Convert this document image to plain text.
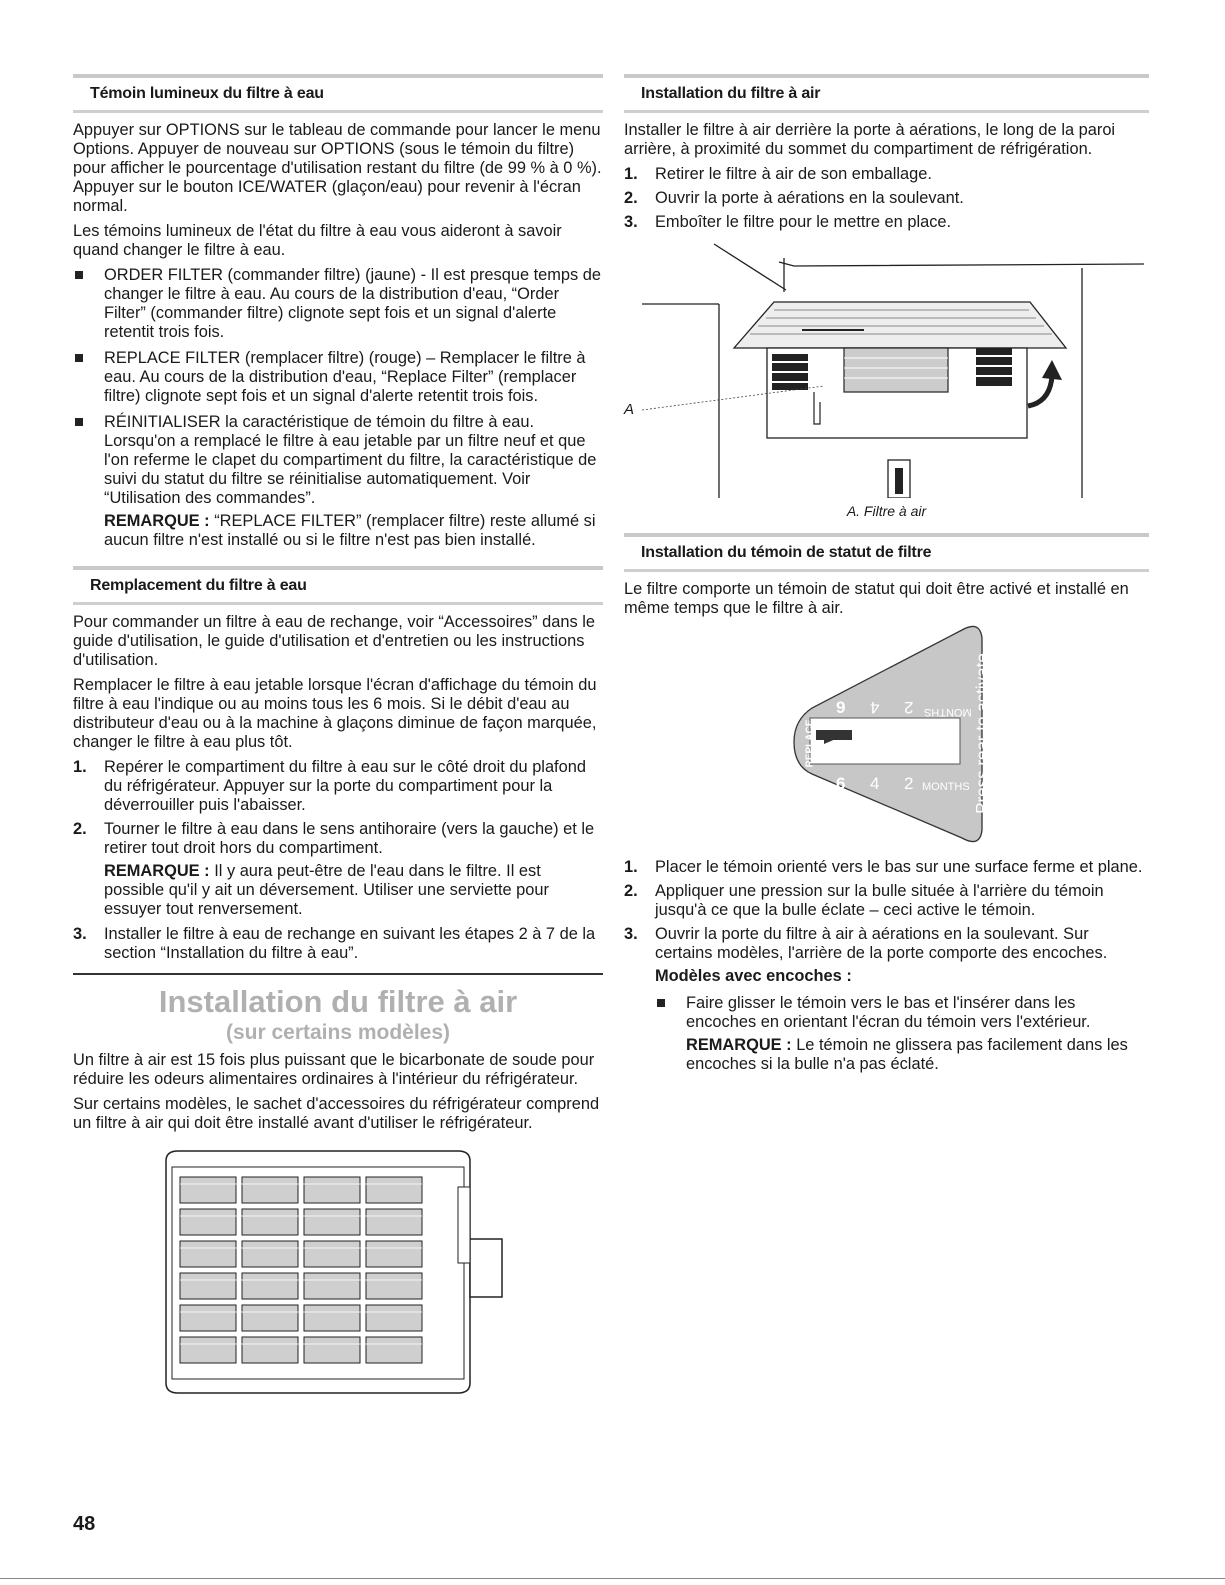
Témoin lumineux du filtre à eau

Appuyer sur OPTIONS sur le tableau de commande pour lancer le menu Options. Appuyer de nouveau sur OPTIONS (sous le témoin du filtre) pour afficher le pourcentage d'utilisation restant du filtre (de 99 % à 0 %). Appuyer sur le bouton ICE/WATER (glaçon/eau) pour revenir à l'écran normal.

Les témoins lumineux de l'état du filtre à eau vous aideront à savoir quand changer le filtre à eau.

ORDER FILTER (commander filtre) (jaune) - Il est presque temps de changer le filtre à eau. Au cours de la distribution d'eau, “Order Filter” (commander filtre) clignote sept fois et un signal d'alerte retentit trois fois.
REPLACE FILTER (remplacer filtre) (rouge) – Remplacer le filtre à eau. Au cours de la distribution d'eau, “Replace Filter” (remplacer filtre) clignote sept fois et un signal d'alerte retentit trois fois.
RÉINITIALISER la caractéristique de témoin du filtre à eau. Lorsqu'on a remplacé le filtre à eau jetable par un filtre neuf et que l'on referme le clapet du compartiment du filtre, la caractéristique de suivi du statut du filtre se réinitialise automatiquement. Voir “Utilisation des commandes”.
REMARQUE : “REPLACE FILTER” (remplacer filtre) reste allumé si aucun filtre n'est installé ou si le filtre n'est pas bien installé.
Remplacement du filtre à eau

Pour commander un filtre à eau de rechange, voir “Accessoires” dans le guide d'utilisation, le guide d'utilisation et d'entretien ou les instructions d'utilisation.

Remplacer le filtre à eau jetable lorsque l'écran d'affichage du témoin du filtre à eau l'indique ou au moins tous les 6 mois. Si le débit d'eau au distributeur d'eau ou à la machine à glaçons diminue de façon marquée, changer le filtre à eau plus tôt.

1. Repérer le compartiment du filtre à eau sur le côté droit du plafond du réfrigérateur. Appuyer sur la porte du compartiment pour la déverrouiller puis l'abaisser.
2. Tourner le filtre à eau dans le sens antihoraire (vers la gauche) et le retirer tout droit hors du compartiment.
REMARQUE : Il y aura peut-être de l'eau dans le filtre. Il est possible qu'il y ait un déversement. Utiliser une serviette pour essuyer tout renversement.
3. Installer le filtre à eau de rechange en suivant les étapes 2 à 7 de la section “Installation du filtre à eau”.
Installation du filtre à air
(sur certains modèles)

Un filtre à air est 15 fois plus puissant que le bicarbonate de soude pour réduire les odeurs alimentaires ordinaires à l'intérieur du réfrigérateur.

Sur certains modèles, le sachet d'accessoires du réfrigérateur comprend un filtre à air qui doit être installé avant d'utiliser le réfrigérateur.

Installation du filtre à air

Installer le filtre à air derrière la porte à aérations, le long de la paroi arrière, à proximité du sommet du compartiment de réfrigération.

1. Retirer le filtre à air de son emballage.
2. Ouvrir la porte à aérations en la soulevant.
3. Emboîter le filtre pour le mettre en place.
A
A. Filtre à air
Installation du témoin de statut de filtre

Le filtre comporte un témoin de statut qui doit être activé et installé en même temps que le filtre à air.

REPLACE
9 4 2 MONTHS
6 4 2 MONTHS Press rear to activate
1. Placer le témoin orienté vers le bas sur une surface ferme et plane.
2. Appliquer une pression sur la bulle située à l'arrière du témoin jusqu'à ce que la bulle éclate – ceci active le témoin.
3. Ouvrir la porte du filtre à air à aérations en la soulevant. Sur certains modèles, l'arrière de la porte comporte des encoches.
Modèles avec encoches :
Faire glisser le témoin vers le bas et l'insérer dans les encoches en orientant l'écran du témoin vers l'extérieur.
REMARQUE : Le témoin ne glissera pas facilement dans les encoches si la bulle n'a pas éclaté.
48
